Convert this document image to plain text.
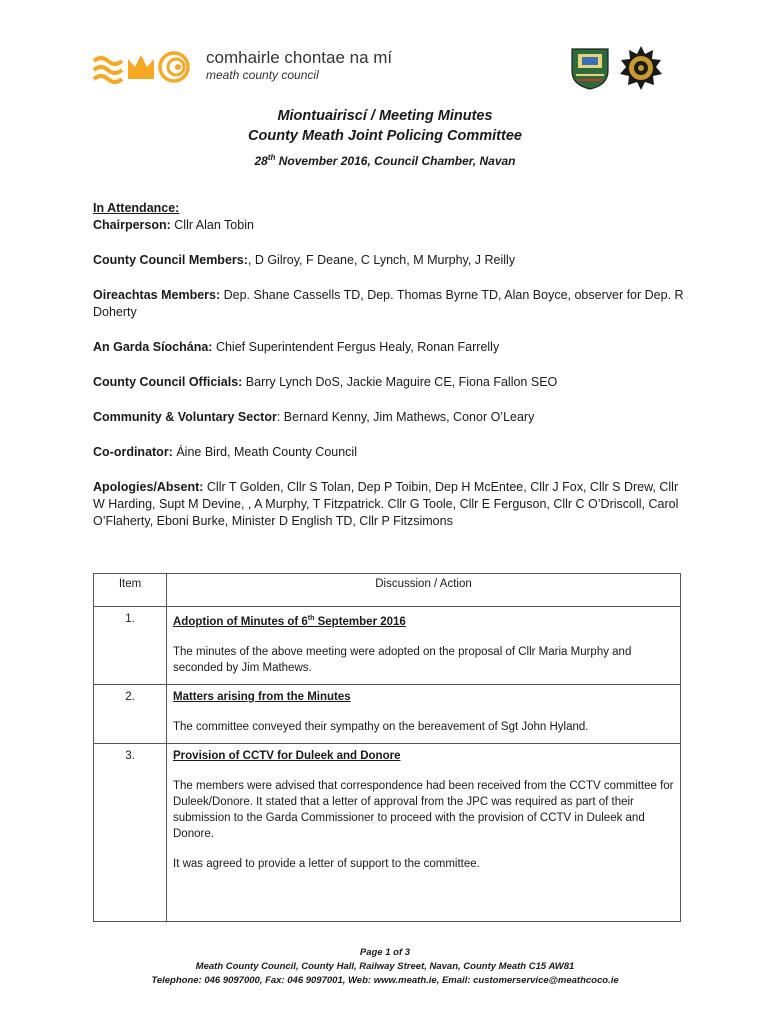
comhairle chontae na mí
meath county council
Miontuairiscí / Meeting Minutes
County Meath Joint Policing Committee
28th November 2016, Council Chamber, Navan
In Attendance:

Chairperson: Cllr Alan Tobin

County Council Members:, D Gilroy, F Deane, C Lynch, M Murphy, J Reilly

Oireachtas Members: Dep. Shane Cassells TD, Dep. Thomas Byrne TD, Alan Boyce, observer for Dep. R Doherty

An Garda Síochána: Chief Superintendent Fergus Healy, Ronan Farrelly

County Council Officials: Barry Lynch DoS, Jackie Maguire CE, Fiona Fallon SEO

Community & Voluntary Sector: Bernard Kenny, Jim Mathews, Conor O’Leary

Co-ordinator: Áine Bird, Meath County Council

Apologies/Absent: Cllr T Golden, Cllr S Tolan, Dep P Toibin, Dep H McEntee, Cllr J Fox, Cllr S Drew, Cllr W Harding, Supt M Devine, , A Murphy, T Fitzpatrick. Cllr G Toole, Cllr E Ferguson, Cllr C O’Driscoll, Carol O’Flaherty, Eboni Burke, Minister D English TD, Cllr P Fitzsimons

Item	Discussion / Action
1.	Adoption of Minutes of 6th September 2016

The minutes of the above meeting were adopted on the proposal of Cllr Maria Murphy and seconded by Jim Mathews.

2.	Matters arising from the Minutes

The committee conveyed their sympathy on the bereavement of Sgt John Hyland.

3.	Provision of CCTV for Duleek and Donore

The members were advised that correspondence had been received from the CCTV committee for Duleek/Donore. It stated that a letter of approval from the JPC was required as part of their submission to the Garda Commissioner to proceed with the provision of CCTV in Duleek and Donore.

It was agreed to provide a letter of support to the committee.

Page 1 of 3
Meath County Council, County Hall, Railway Street, Navan, County Meath C15 AW81
Telephone: 046 9097000, Fax: 046 9097001, Web: www.meath.ie, Email: customerservice@meathcoco.ie
